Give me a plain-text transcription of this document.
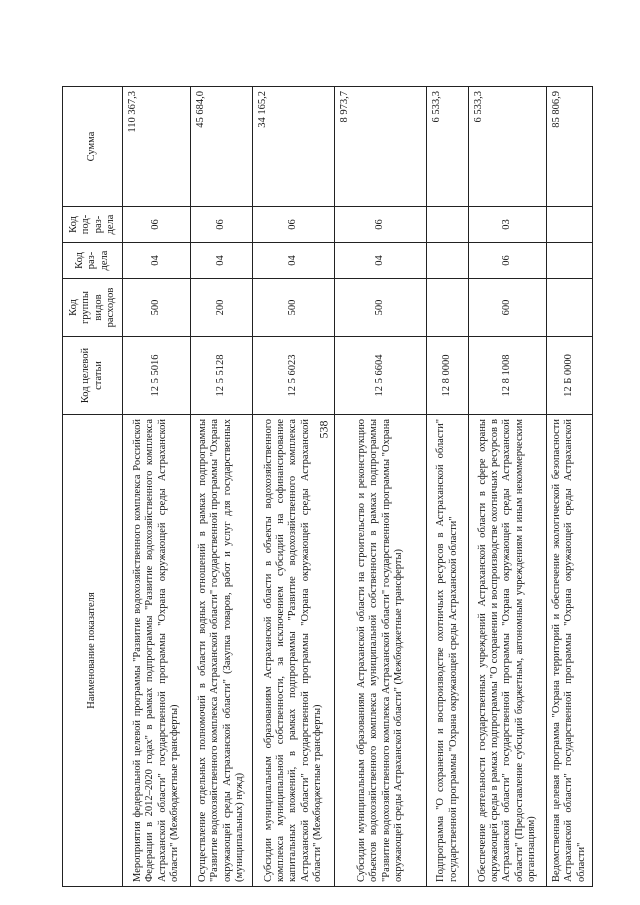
538
Наименование показателя	Код целевой статьи	Код группы видов расходов	Код раз-дела	Код под-раз-дела	Сумма
Мероприятия федеральной целевой программы "Развитие водохозяйственного комплекса Российской Федерации в 2012–2020 годах" в рамках подпрограммы "Развитие водохозяйственного комплекса Астраханской области" государственной программы "Охрана окружающей среды Астраханской области" (Межбюджетные трансферты)	12 5 5016	500	04	06	110 367,3
Осуществление отдельных полномочий в области водных отношений в рамках подпрограммы "Развитие водохозяйственного комплекса Астраханской области" государственной программы "Охрана окружающей среды Астраханской области" (Закупка товаров, работ и услуг для государственных (муниципальных) нужд)	12 5 5128	200	04	06	45 684,0
Субсидии муниципальным образованиям Астраханской области в объекты водохозяйственного комплекса муниципальной собственности, за исключением субсидий на софинансирование капитальных вложений, в рамках подпрограммы "Развитие водохозяйственного комплекса Астраханской области" государственной программы "Охрана окружающей среды Астраханской области" (Межбюджетные трансферты)	12 5 6023	500	04	06	34 165,2
Субсидии муниципальным образованиям Астраханской области на строительство и реконструкцию объектов водохозяйственного комплекса муниципальной собственности в рамках подпрограммы "Развитие водохозяйственного комплекса Астраханской области" государственной программы "Охрана окружающей среды Астраханской области" (Межбюджетные трансферты)	12 5 6604	500	04	06	8 973,7
Подпрограмма "О сохранении и воспроизводстве охотничьих ресурсов в Астраханской области" государственной программы "Охрана окружающей среды Астраханской области"	12 8 0000				6 533,3
Обеспечение деятельности государственных учреждений Астраханской области в сфере охраны окружающей среды в рамках подпрограммы "О сохранении и воспроизводстве охотничьих ресурсов в Астраханской области" государственной программы "Охрана окружающей среды Астраханской области" (Предоставление субсидий бюджетным, автономным учреждениям и иным некоммерческим организациям)	12 8 1008	600	06	03	6 533,3
Ведомственная целевая программа "Охрана территорий и обеспечение экологической безопасности Астраханской области" государственной программы "Охрана окружающей среды Астраханской области"	12 Б 0000				85 806,9
